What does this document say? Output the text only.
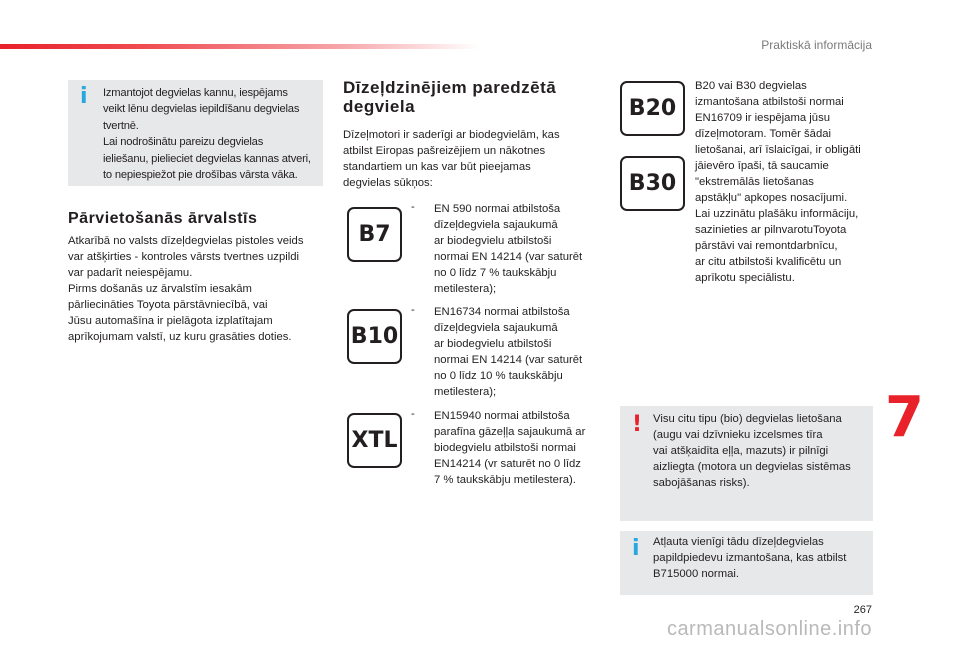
Praktiskā informācija
i Izmantojot degvielas kannu, iespējams
veikt lēnu degvielas iepildīšanu degvielas
tvertnē.
Lai nodrošinātu pareizu degvielas
ieliešanu, pielieciet degvielas kannas atveri,
to nepiespiežot pie drošības vārsta vāka.
Pārvietošanās ārvalstīs
Atkarībā no valsts dīzeļdegvielas pistoles veids
var atšķirties - kontroles vārsts tvertnes uzpildi
var padarīt neiespējamu.
Pirms došanās uz ārvalstīm iesakām
pārliecināties Toyota pārstāvniecībā, vai
Jūsu automašīna ir pielāgota izplatītajam
aprīkojumam valstī, uz kuru grasāties doties.
Dīzeļdzinējiem paredzētā
degviela
Dīzeļmotori ir saderīgi ar biodegvielām, kas
atbilst Eiropas pašreizējiem un nākotnes
standartiem un kas var būt pieejamas
degvielas sūkņos:
B7
- EN 590 normai atbilstoša
dīzeļdegviela sajaukumā
ar biodegvielu atbilstoši
normai EN 14214 (var saturēt
no 0 līdz 7 % taukskābju
metilestera);
B10
- EN16734 normai atbilstoša
dīzeļdegviela sajaukumā
ar biodegvielu atbilstoši
normai EN 14214 (var saturēt
no 0 līdz 10 % taukskābju
metilestera);
XTL
- EN15940 normai atbilstoša
parafīna gāzeļļa sajaukumā ar
biodegvielu atbilstoši normai
EN14214 (vr saturēt no 0 līdz
7 % taukskābju metilestera).
B20
B30
B20 vai B30 degvielas
izmantošana atbilstoši normai
EN16709 ir iespējama jūsu
dīzeļmotoram. Tomēr šādai
lietošanai, arī īslaicīgai, ir obligāti
jāievēro īpaši, tā saucamie
"ekstremālās lietošanas
apstākļu" apkopes nosacījumi.
Lai uzzinātu plašāku informāciju,
sazinieties ar pilnvarotuToyota
pārstāvi vai remontdarbnīcu,
ar citu atbilstoši kvalificētu un
aprīkotu speciālistu.
! Visu citu tipu (bio) degvielas lietošana
(augu vai dzīvnieku izcelsmes tīra
vai atšķaidīta eļļa, mazuts) ir pilnīgi
aizliegta (motora un degvielas sistēmas
sabojāšanas risks).
i Atļauta vienīgi tādu dīzeļdegvielas
papildpiedevu izmantošana, kas atbilst
B715000 normai.
7
267
carmanualsonline.info
